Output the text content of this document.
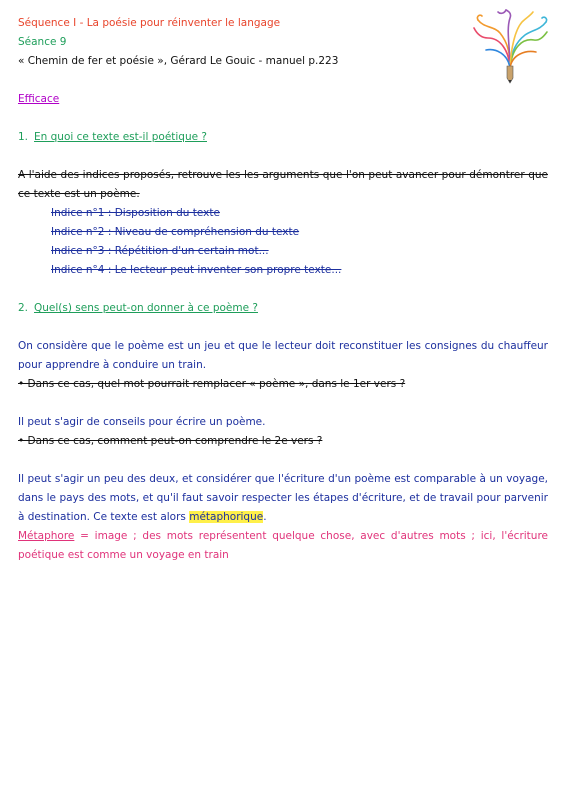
Séquence I - La poésie pour réinventer le langage

Séance 9

« Chemin de fer et poésie », Gérard Le Gouic - manuel p.223

Efficace

1. En quoi ce texte est-il poétique ?

A l'aide des indices proposés, retrouve les les arguments que l'on peut avancer pour démontrer que ce texte est un poème.

Indice n°1 : Disposition du texte

Indice n°2 : Niveau de compréhension du texte

Indice n°3 : Répétition d'un certain mot...

Indice n°4 : Le lecteur peut inventer son propre texte...

2. Quel(s) sens peut-on donner à ce poème ?

On considère que le poème est un jeu et que le lecteur doit reconstituer les consignes du chauffeur pour apprendre à conduire un train.

• Dans ce cas, quel mot pourrait remplacer « poème », dans le 1er vers ?

Il peut s'agir de conseils pour écrire un poème.

• Dans ce cas, comment peut-on comprendre le 2e vers ?

Il peut s'agir un peu des deux, et considérer que l'écriture d'un poème est comparable à un voyage, dans le pays des mots, et qu'il faut savoir respecter les étapes d'écriture, et de travail pour parvenir à destination. Ce texte est alors métaphorique.

Métaphore = image ; des mots représentent quelque chose, avec d'autres mots ; ici, l'écriture poétique est comme un voyage en train
